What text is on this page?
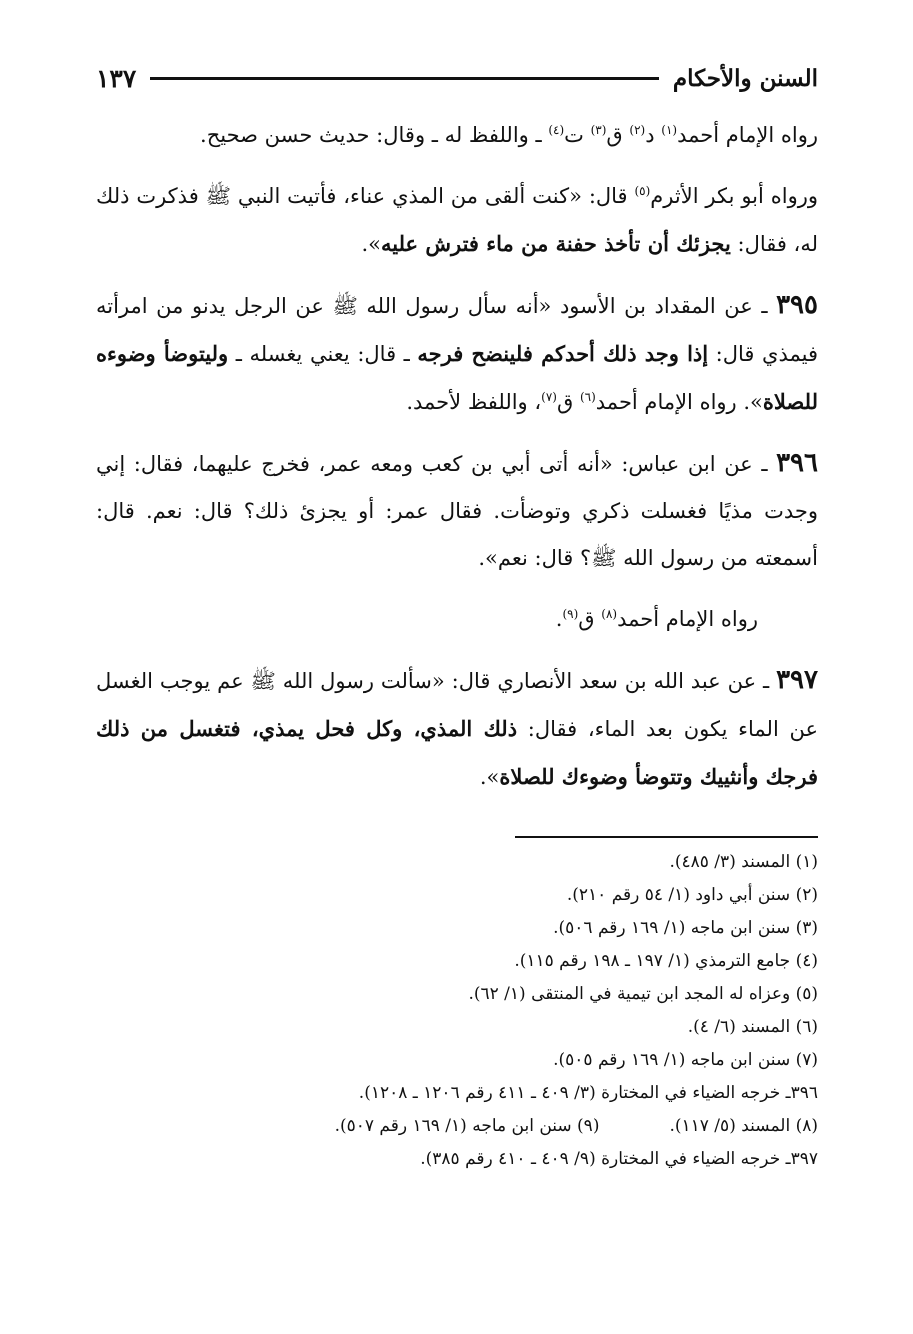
السنن والأحكام
١٣٧

رواه الإمام أحمد$^{(١)}$ د$^{(٢)}$ ق$^{(٣)}$ ت$^{(٤)}$ ـ واللفظ له ـ وقال: حديث حسن صحيح.

ورواه أبو بكر الأثرم$^{(٥)}$ قال: «كنت ألقى من المذي عناء، فأتيت النبي ﷺ فذكرت ذلك له، فقال: يجزئك أن تأخذ حفنة من ماء فترش عليه».

٣٩٥ ـ عن المقداد بن الأسود «أنه سأل رسول الله ﷺ عن الرجل يدنو من امرأته فيمذي قال: إذا وجد ذلك أحدكم فلينضح فرجه ـ قال: يعني يغسله ـ وليتوضأ وضوءه للصلاة». رواه الإمام أحمد$^{(٦)}$ ق$^{(٧)}$، واللفظ لأحمد.

٣٩٦ ـ عن ابن عباس: «أنه أتى أبي بن كعب ومعه عمر، فخرج عليهما، فقال: إني وجدت مذيًا فغسلت ذكري وتوضأت. فقال عمر: أو يجزئ ذلك؟ قال: نعم. قال: أسمعته من رسول الله ﷺ؟ قال: نعم».

رواه الإمام أحمد$^{(٨)}$ ق$^{(٩)}$.

٣٩٧ ـ عن عبد الله بن سعد الأنصاري قال: «سألت رسول الله ﷺ عم يوجب الغسل عن الماء يكون بعد الماء، فقال: ذلك المذي، وكل فحل يمذي، فتغسل من ذلك فرجك وأنثييك وتتوضأ وضوءك للصلاة».

(١) المسند (٣/ ٤٨٥).

(٢) سنن أبي داود (١/ ٥٤ رقم ٢١٠).

(٣) سنن ابن ماجه (١/ ١٦٩ رقم ٥٠٦).

(٤) جامع الترمذي (١/ ١٩٧ ـ ١٩٨ رقم ١١٥).

(٥) وعزاه له المجد ابن تيمية في المنتقى (١/ ٦٢).

(٦) المسند (٦/ ٤).

(٧) سنن ابن ماجه (١/ ١٦٩ رقم ٥٠٥).

٣٩٦ـ خرجه الضياء في المختارة (٣/ ٤٠٩ ـ ٤١١ رقم ١٢٠٦ ـ ١٢٠٨).

(٨) المسند (٥/ ١١٧).

(٩) سنن ابن ماجه (١/ ١٦٩ رقم ٥٠٧).

٣٩٧ـ خرجه الضياء في المختارة (٩/ ٤٠٩ ـ ٤١٠ رقم ٣٨٥).
